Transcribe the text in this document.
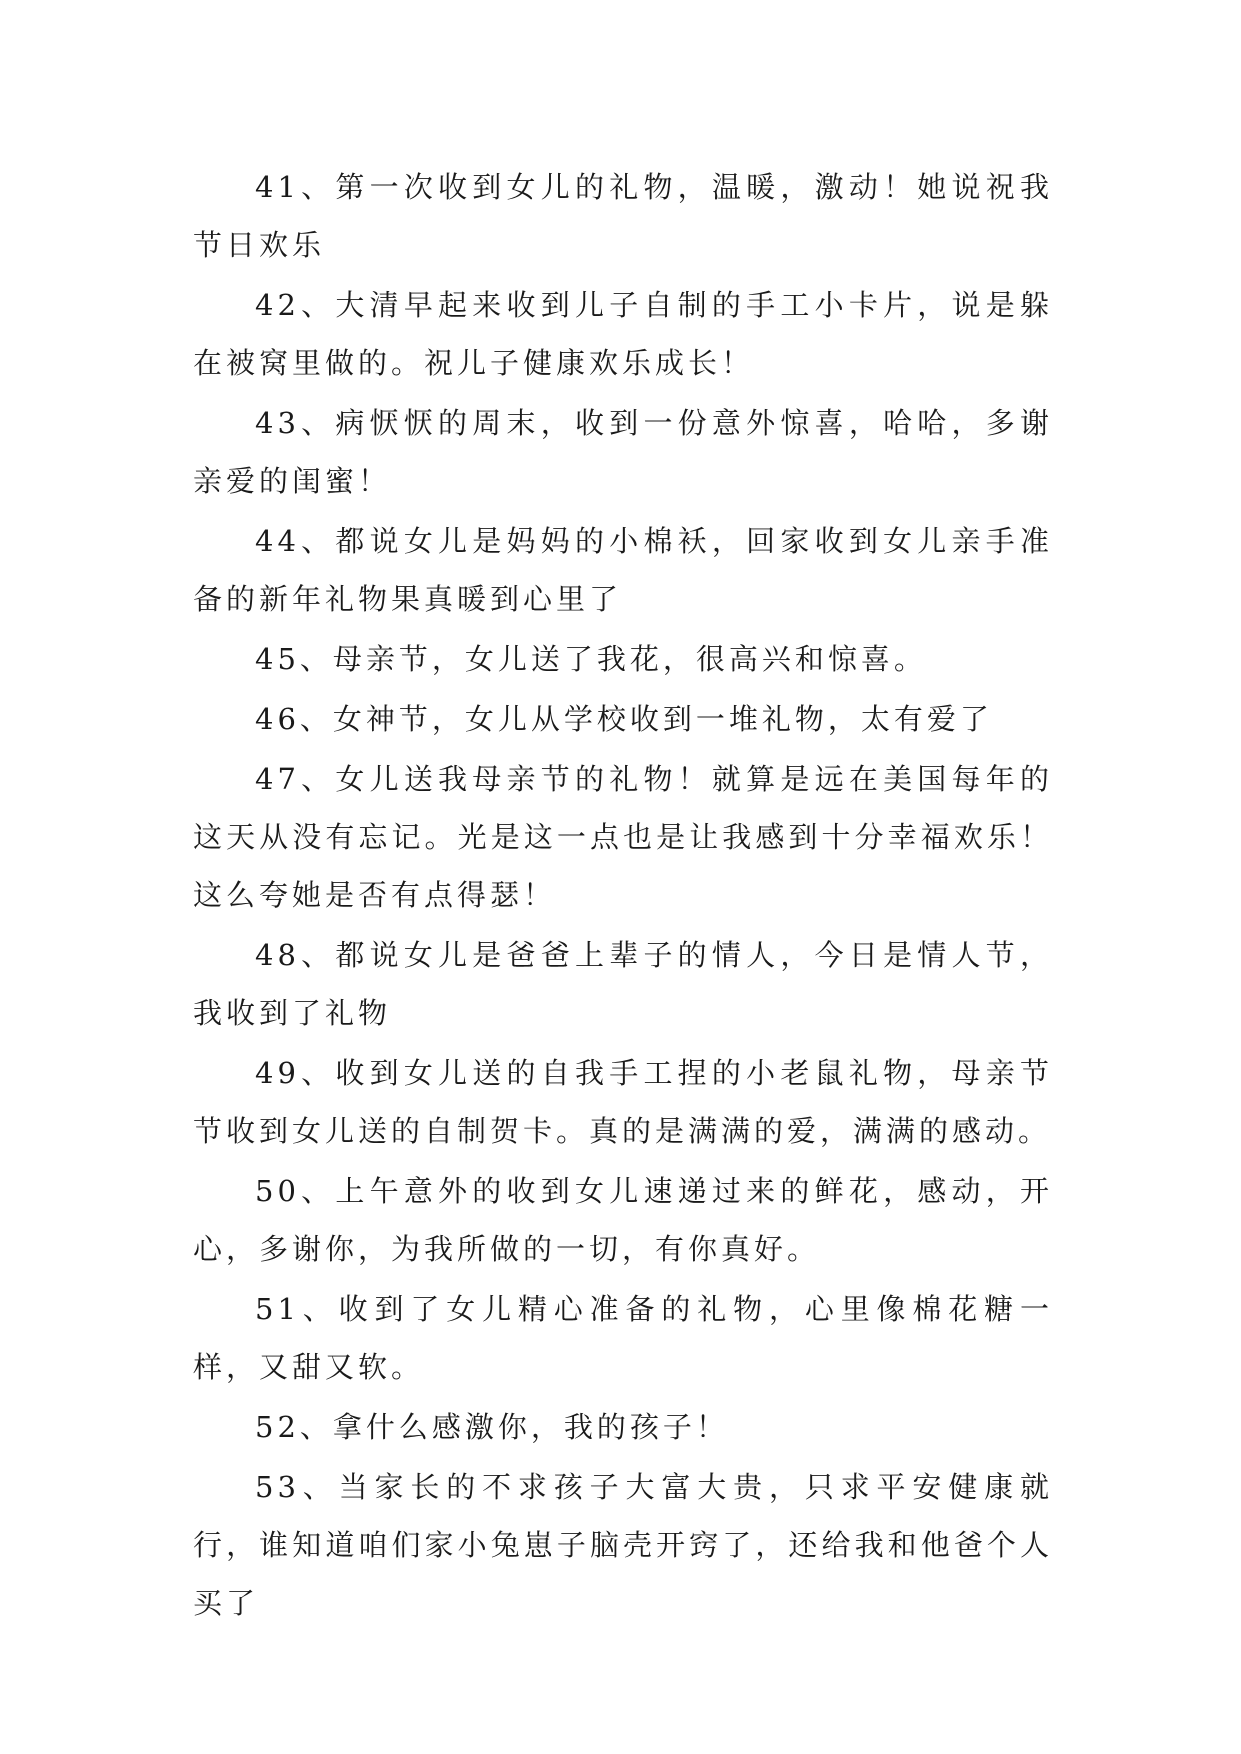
41、第一次收到女儿的礼物，温暖，激动！她说祝我节日欢乐

42、大清早起来收到儿子自制的手工小卡片，说是躲在被窝里做的。祝儿子健康欢乐成长！

43、病恹恹的周末，收到一份意外惊喜，哈哈，多谢亲爱的闺蜜！

44、都说女儿是妈妈的小棉袄，回家收到女儿亲手准备的新年礼物果真暖到心里了

45、母亲节，女儿送了我花，很高兴和惊喜。

46、女神节，女儿从学校收到一堆礼物，太有爱了

47、女儿送我母亲节的礼物！就算是远在美国每年的这天从没有忘记。光是这一点也是让我感到十分幸福欢乐！这么夸她是否有点得瑟！

48、都说女儿是爸爸上辈子的情人，今日是情人节，我收到了礼物

49、收到女儿送的自我手工捏的小老鼠礼物，母亲节节收到女儿送的自制贺卡。真的是满满的爱，满满的感动。

50、上午意外的收到女儿速递过来的鲜花，感动，开心，多谢你，为我所做的一切，有你真好。

51、收到了女儿精心准备的礼物，心里像棉花糖一样，又甜又软。

52、拿什么感激你，我的孩子！

53、当家长的不求孩子大富大贵，只求平安健康就行，谁知道咱们家小兔崽子脑壳开窍了，还给我和他爸个人买了
